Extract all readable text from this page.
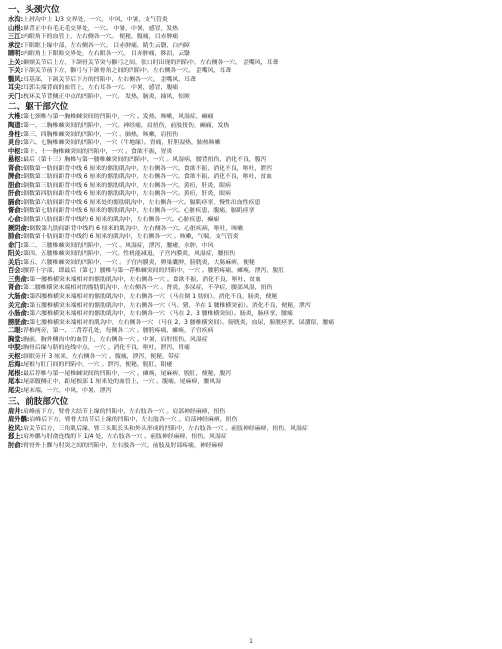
一、头颈穴位
水沟:上唇沟中上 1/3 交界处，一穴。 中风，中暑，支气管炎
山根:鼻背正中有毛无毛交界处，一穴。 中暑，中暑，感冒，发热
三江:内眼角下的血管上，左右侧各一穴。 便秘，腹痛，目赤肿痛
承泣:下眼眶上缘中部，左右侧各一穴。 目赤肿痛，睛生云翳，白内障
睛明:内眼角上下眼睑交界处，左右眼各一穴。 目赤肿痛，眵泪，云翳
上关:颞颏关节后上方，下颌骨关节突与颧弓之间，张口时出现的凹陷中，左右侧各一穴。 歪嘴风，耳聋
下关:下颌关节前下方，颧弓与下颌骨角之间的凹陷中，左右侧各一穴。 歪嘴风，耳聋
翳风:耳基部，下颌关节后下方的凹陷中，左右侧各一穴。 歪嘴风，耳聋
耳尖:耳郭尖端背面的血管上，左右耳各一穴。 中暑，感冒，腹痛
天门:枕环关节背侧正中点的凹陷中，一穴。 发热，脑炎，抽风，惊厥
二、躯干部穴位
大椎:第七颈椎与第一胸椎棘突间的凹陷中，一穴 。发热，咳嗽，风湿症，癫痫
陶道:第一、二胸椎棘突间的凹陷中，一穴。神经痛，肩扭伤，前肢扭伤，癫痫，发热
身柱:第三、四胸椎棘突间的凹陷中，一穴 。肺热，咳嗽，肩扭伤
灵台:第六、七胸椎棘突间的凹陷中，一穴（牛地缘）。胃痛，肝胆湿热，肺热咳嗽
中枢:第十、十一胸椎棘突间的凹陷中，一穴 。食欲不振，胃炎
悬枢:最后（第十三）胸椎与第一腰椎棘突间的凹陷中，一穴 。风湿病，腰背扭伤，消化不良，腹泻
肾俞:倒数第一肋间距背中线 6 厘米的髂肋肌沟中，左右侧各一穴。食欲不振，消化不良，呕吐，泄泻
脾俞:倒数第二肋间距背中线 6 厘米的髂肋肌沟中，左右侧各一穴。食欲不振，消化不良，呕吐，贫血
胆俞:倒数第三肋间距背中线 6 厘米的髂肋肌沟中，左右侧各一穴。黄疸，肝炎，眼病
肝俞:倒数第四肋间距背中线 6 厘米的髂肋肌沟中，左右侧各一穴。黄疸，肝炎，眼病
膈俞:倒数第六肋间距背中线 6 厘米处的髂肋肌沟中，左右侧各一穴。膈肌痉挛，慢性出血性疾患
督俞:倒数第七肋间距背中线 6 厘米的髂肋肌沟中，左右侧各一穴。心脏疾患，腹痛，膈肌痉挛
心俞:倒数第八肋间距背中线约 6 厘米的肌沟中，左右侧各一穴。心脏疾患，癫痫
厥阴俞:倒数第九肋间距背中线约 6 厘米的肌沟中，左右侧各一穴。心脏疾病，呕吐，咳嗽
肺俞:倒数第十肋间距背中线约 6 厘米的肌沟中，左右侧各一穴 。咳嗽，气喘，支气管炎
命门:第二、三腰椎棘突间的凹陷中，一穴 。风湿症，泄泻，腰痿，水肿，中风
阳关:第四、五腰椎棘突间的凹陷中，一穴。性机能减退，子宫内膜炎，风湿症，腰扭伤
关后:第五、六腰椎棘突间的凹陷中，一穴 。子宫内膜炎，卵巢囊肿，膀胱炎，大肠麻痹，便秘
百会:腰荐十字部，即最后（第七）腰椎与第一荐椎棘突间的凹陷中，一穴 。腰胯疼痛，瘫痪，泄泻，脱肛
三焦俞:第一腰椎横突末端相对的髂肋肌沟中，左右侧各一穴 。食欲不振，消化不良，呕吐，贫血
肾俞:第二腰椎横突末端相对的髂肋肌沟中，左右侧各一穴 。肾炎，多尿症，不孕症，腰部风湿，扭伤
大肠俞:第四腰椎横突末端相对的髂肋肌沟中，左右侧各一穴 （马在倒 1 肋间）。消化不良，肠炎，便秘
关元俞:第五腰椎横突末端相对的髂肋肌沟中，左右侧各一穴（马、猪、羊在 1 腰椎横突前）。消化不良，便秘，泄泻
小肠俞:第六腰椎横突末端相对的髂肋肌沟中，左右侧各一穴 （马在 2、3 腰椎横突间）。肠炎，肠痉挛，腰痛
膀胱俞:第七腰椎横突末端相对的肌沟中，左右侧各一穴 （马在 2、3 腰椎横突间）。膀胱炎，血尿，膀胱痉挛，尿潴留，腰痛
二眼:荐椎两旁，第一、二背荐孔处，每侧各二穴 。腰胯疼痛，瘫痪，子宫疾病
胸堂:胸前，胸外侧沟中的血管上，左右侧各一穴 。中暑，肩肘扭伤，风湿症
中脘:胸骨后缘与脐的连线中点，一穴 。消化不良，呕吐，泄泻，胃痛
天枢:脐眼旁开 3 厘米，左右侧各一穴 。腹痛，泄泻，便秘，带症
后海:尾根与肛门间的凹陷中，一穴 。泄泻，便秘，脱肛，阳痿
尾根:最后荐椎与第一尾椎棘突间的凹陷中，一穴 。瘫痪，尾麻痹，脱肛，便秘，腹泻
尾本:尾部腹侧正中，距尾根部 1 厘米处的血管上，一穴 。腹痛，尾麻痹，腰风湿
尾尖:尾末端，一穴。中风，中暑，泄泻
三、前肢部穴位
肩井:肩峰前下方，臂骨大结节上缘的凹陷中，左右肢各一穴 。肩部神经麻痹，扭伤
肩外髃:肩峰后下方，臂骨大结节后上缘的凹陷中，左右肢各一穴 。肩部神经麻痹，扭伤
抢风:肩关节后方，三角肌后缘、臂三头肌长头和外头形成的凹陷中，左右肢各一穴 。前肢神经麻痹，扭伤，风湿症
郄上:肩外髃与肘俞连线的下 1/4 处，左右肢各一穴 。前肢神经麻痹，扭伤，风湿症
肘俞:臂骨外上髁与肘突之间的凹陷中，左右肢各一穴。前肢及肘部疼痛，神经麻痹
1
